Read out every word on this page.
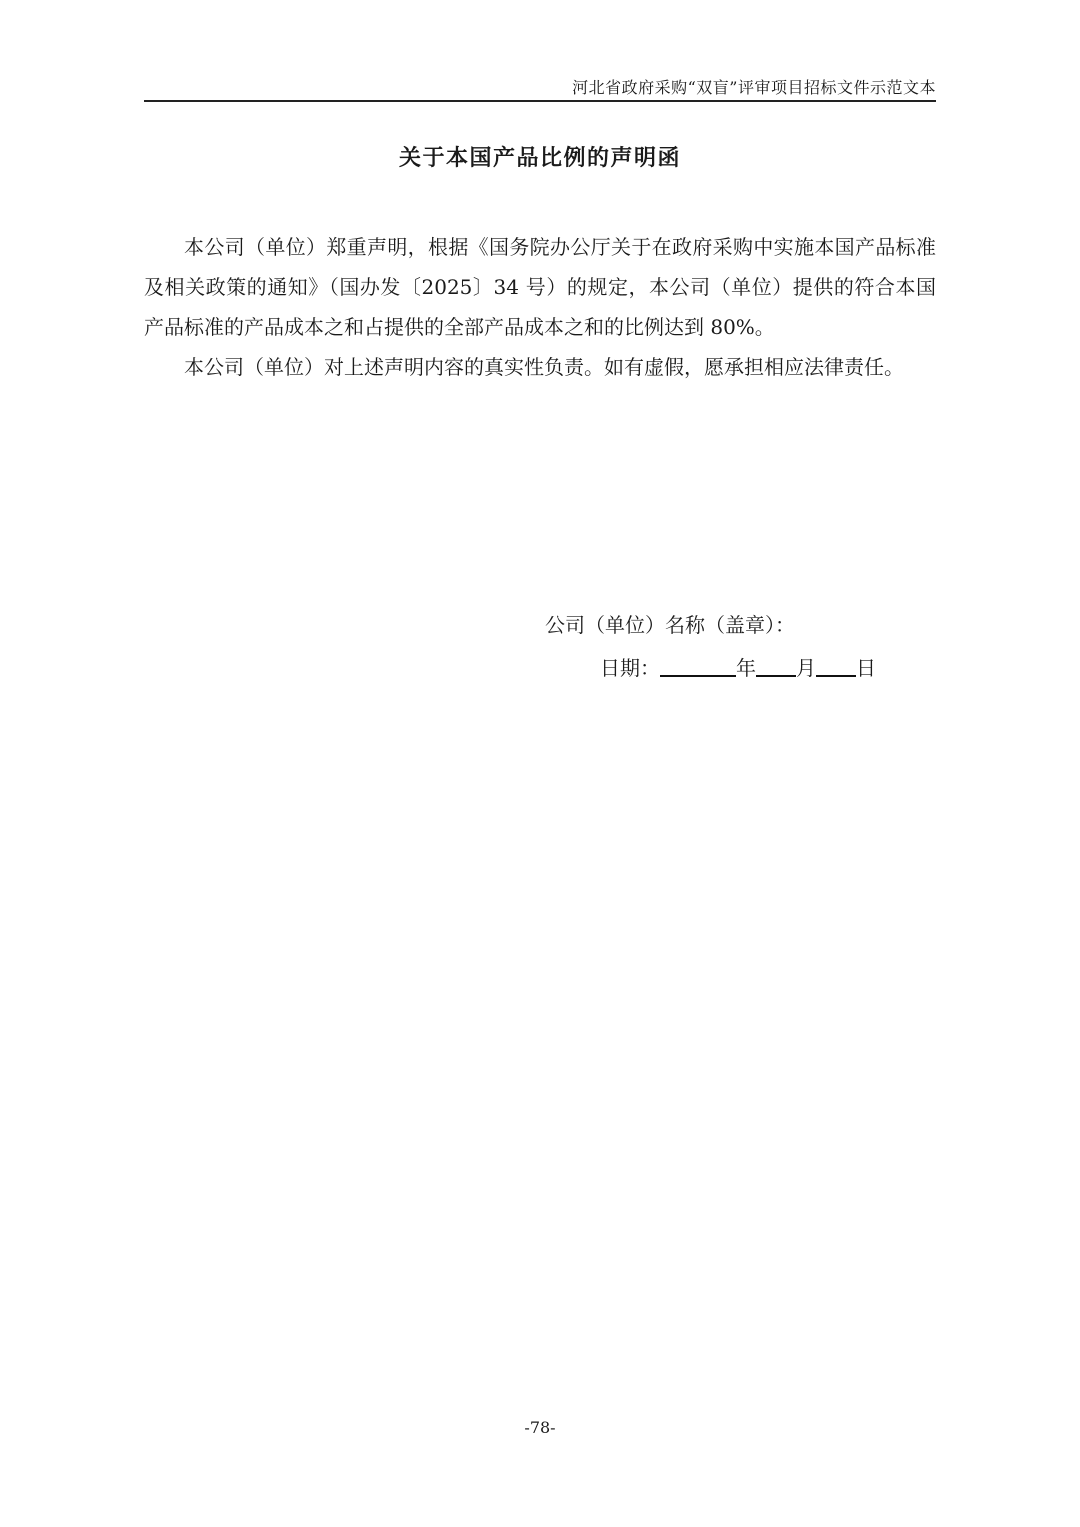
河北省政府采购“双盲”评审项目招标文件示范文本
关于本国产品比例的声明函

本公司（单位）郑重声明，根据《国务院办公厅关于在政府采购中实施本国产品标准及相关政策的通知》（国办发〔2025〕34 号）的规定，本公司（单位）提供的符合本国产品标准的产品成本之和占提供的全部产品成本之和的比例达到 80%。

本公司（单位）对上述声明内容的真实性负责。如有虚假，愿承担相应法律责任。

公司（单位）名称（盖章）：
日期：	年 月 日
-78-
